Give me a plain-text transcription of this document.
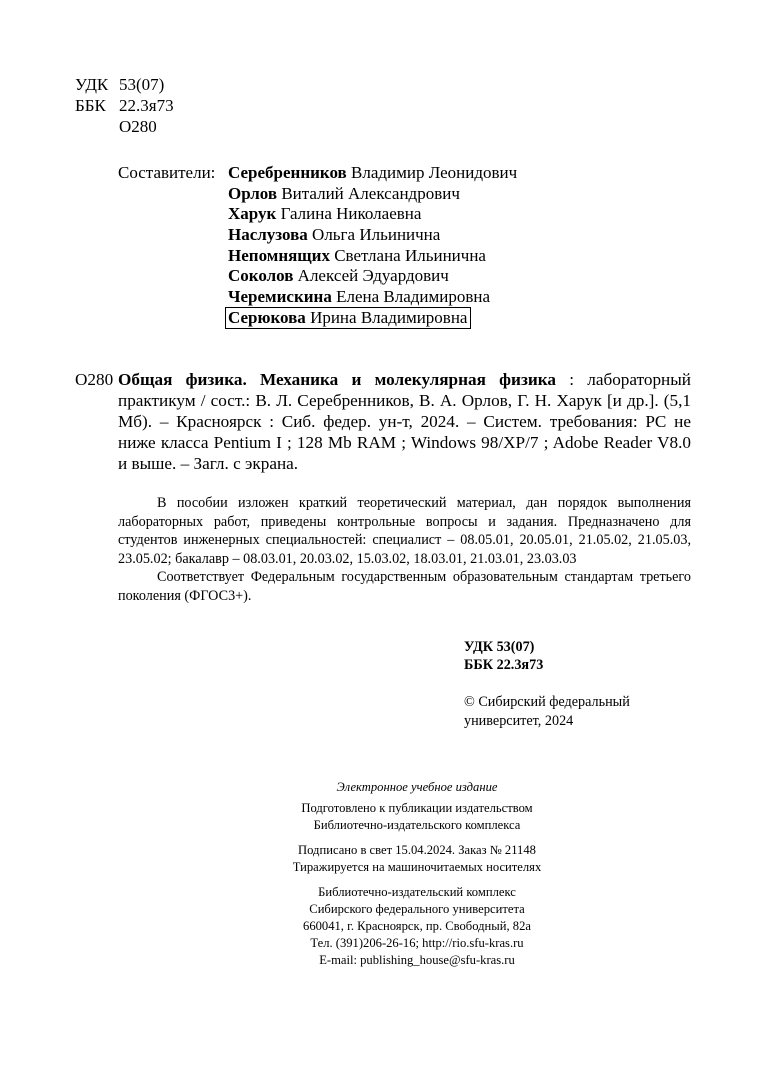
УДК 53(07)
ББК 22.3я73
О280
Составители: Серебренников Владимир Леонидович
Орлов Виталий Александрович
Харук Галина Николаевна
Наслузова Ольга Ильинична
Непомнящих Светлана Ильинична
Соколов Алексей Эдуардович
Черемискина Елена Владимировна
Серюкова Ирина Владимировна
О280 Общая физика. Механика и молекулярная физика : лабораторный практикум / сост.: В. Л. Серебренников, В. А. Орлов, Г. Н. Харук [и др.]. (5,1 Мб). – Красноярск : Сиб. федер. ун-т, 2024. – Систем. требования: PC не ниже класса Pentium I ; 128 Mb RAM ; Windows 98/XP/7 ; Adobe Reader V8.0 и выше. – Загл. с экрана.

В пособии изложен краткий теоретический материал, дан порядок выполнения лабораторных работ, приведены контрольные вопросы и задания. Предназначено для студентов инженерных специальностей: специалист – 08.05.01, 20.05.01, 21.05.02, 21.05.03, 23.05.02; бакалавр – 08.03.01, 20.03.02, 15.03.02, 18.03.01, 21.03.01, 23.03.03

Соответствует Федеральным государственным образовательным стандартам третьего поколения (ФГОС3+).

УДК 53(07)
ББК 22.3я73
© Сибирский федеральный
университет, 2024
Электронное учебное издание
Подготовлено к публикации издательством
Библиотечно-издательского комплекса
Подписано в свет 15.04.2024. Заказ № 21148
Тиражируется на машиночитаемых носителях
Библиотечно-издательский комплекс
Сибирского федерального университета
660041, г. Красноярск, пр. Свободный, 82а
Тел. (391)206-26-16; http://rio.sfu-kras.ru
E-mail: publishing_house@sfu-kras.ru
